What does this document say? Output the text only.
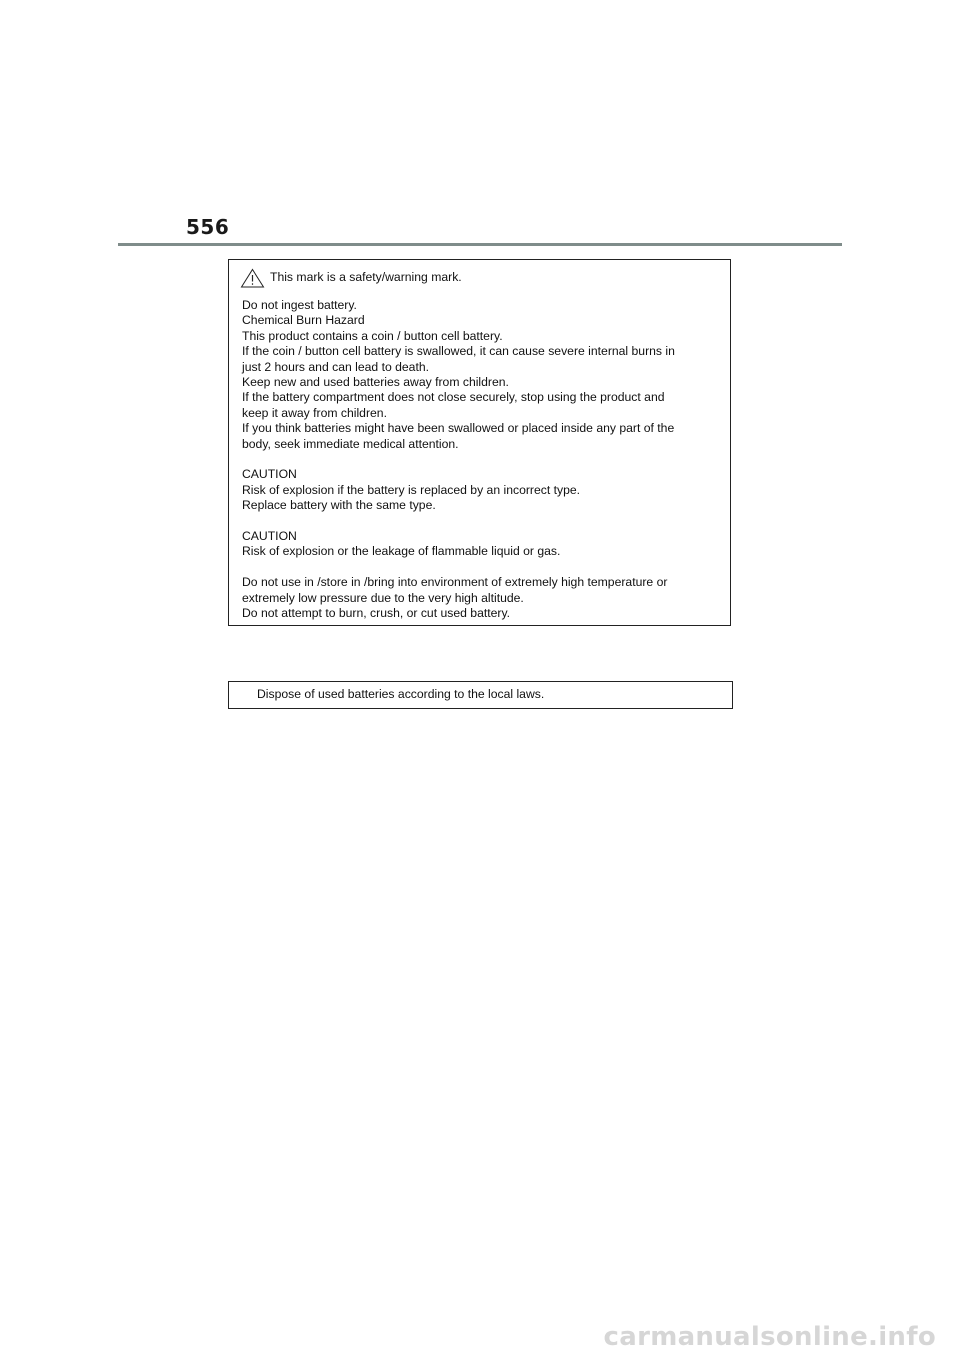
556
This mark is a safety/warning mark.
Do not ingest battery.
Chemical Burn Hazard
This product contains a coin / button cell battery.
If the coin / button cell battery is swallowed, it can cause severe internal burns in
just 2 hours and can lead to death.
Keep new and used batteries away from children.
If the battery compartment does not close securely, stop using the product and
keep it away from children.
If you think batteries might have been swallowed or placed inside any part of the
body, seek immediate medical attention.
CAUTION
Risk of explosion if the battery is replaced by an incorrect type.
Replace battery with the same type.
CAUTION
Risk of explosion or the leakage of flammable liquid or gas.
Do not use in /store in /bring into environment of extremely high temperature or
extremely low pressure due to the very high altitude.
Do not attempt to burn, crush, or cut used battery.
Dispose of used batteries according to the local laws.
carmanualsonline.info
